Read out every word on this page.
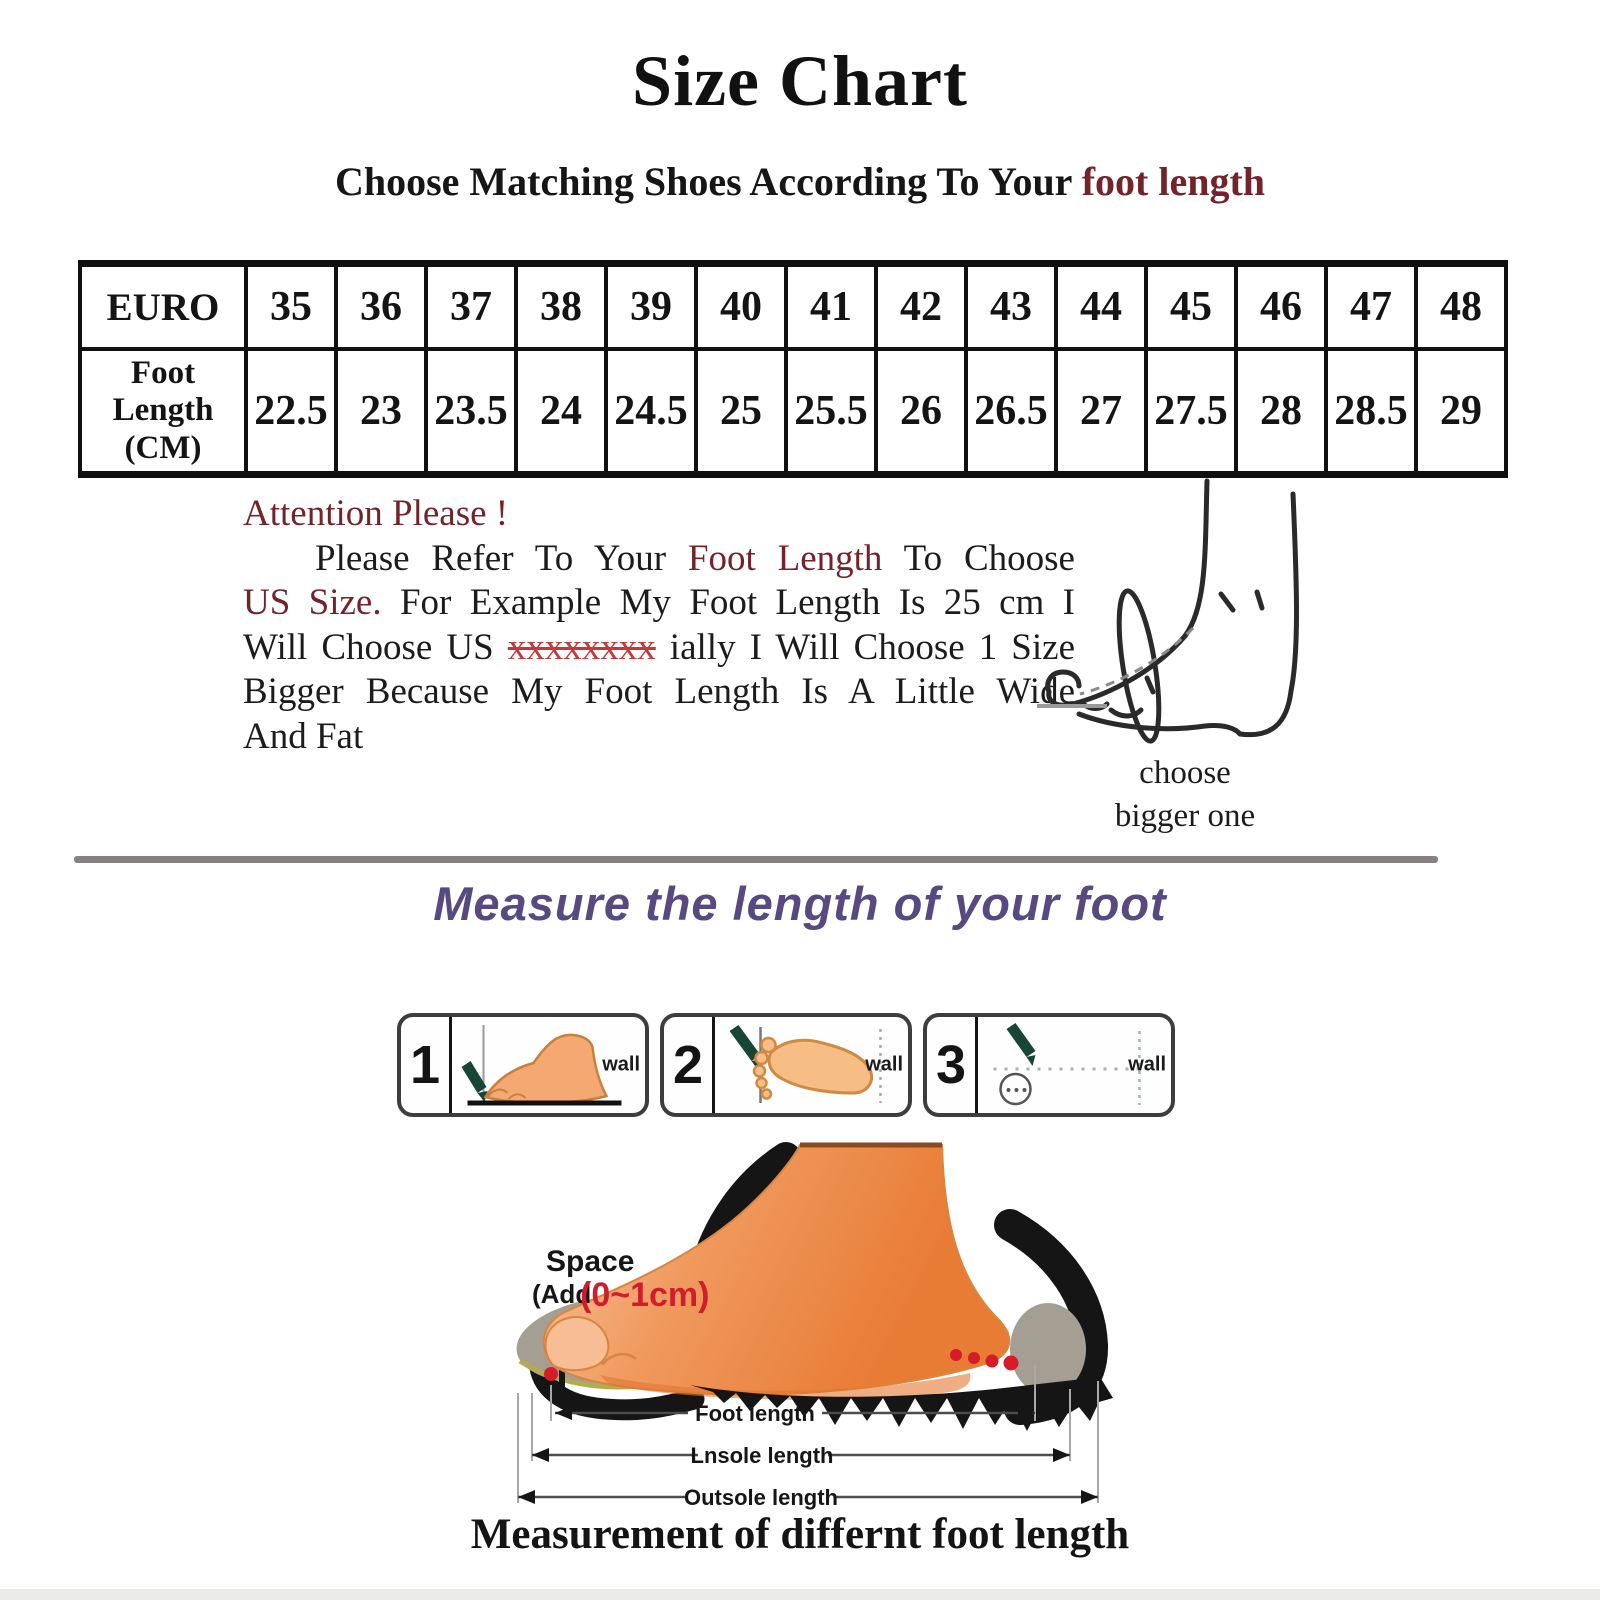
Size Chart
Choose Matching Shoes According To Your foot length
EURO	35	36	37	38	39	40	41	42	43	44	45	46	47	48

Foot
Length
(CM)	22.5	23	23.5	24	24.5	25	25.5	26	26.5	27	27.5	28	28.5	29
Attention Please !
Please Refer To Your Foot Length To Choose
US Size. For Example My Foot Length Is 25 cm I
Will Choose US xxxxxxxx ially I Will Choose 1 Size
Bigger Because My Foot Length Is A Little Wide
And Fat
choose
bigger one
Measure the length of your foot
1	wall 2	wall 3	wall
Space
(Add
(0~1cm)
Foot length
Lnsole length
Outsole length
Measurement of differnt foot length
